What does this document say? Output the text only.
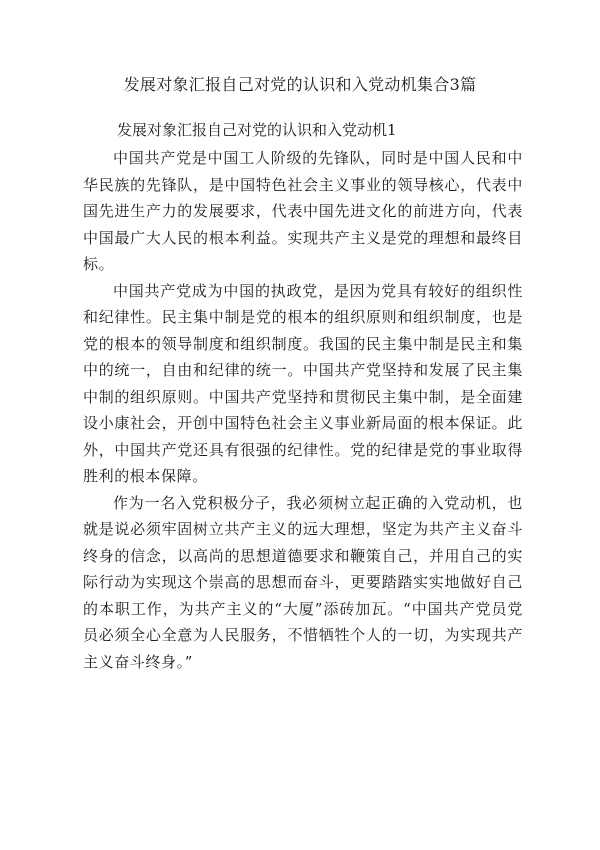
发展对象汇报自己对党的认识和入党动机集合3篇
发展对象汇报自己对党的认识和入党动机1

中国共产党是中国工人阶级的先锋队，同时是中国人民和中华民族的先锋队，是中国特色社会主义事业的领导核心，代表中国先进生产力的发展要求，代表中国先进文化的前进方向，代表中国最广大人民的根本利益。实现共产主义是党的理想和最终目标。

中国共产党成为中国的执政党，是因为党具有较好的组织性和纪律性。民主集中制是党的根本的组织原则和组织制度，也是党的根本的领导制度和组织制度。我国的民主集中制是民主和集中的统一，自由和纪律的统一。中国共产党坚持和发展了民主集中制的组织原则。中国共产党坚持和贯彻民主集中制，是全面建设小康社会，开创中国特色社会主义事业新局面的根本保证。此外，中国共产党还具有很强的纪律性。党的纪律是党的事业取得胜利的根本保障。

作为一名入党积极分子，我必须树立起正确的入党动机，也就是说必须牢固树立共产主义的远大理想，坚定为共产主义奋斗终身的信念，以高尚的思想道德要求和鞭策自己，并用自己的实际行动为实现这个崇高的思想而奋斗，更要踏踏实实地做好自己的本职工作，为共产主义的“大厦”添砖加瓦。“中国共产党员党员必须全心全意为人民服务，不惜牺牲个人的一切，为实现共产主义奋斗终身。”
